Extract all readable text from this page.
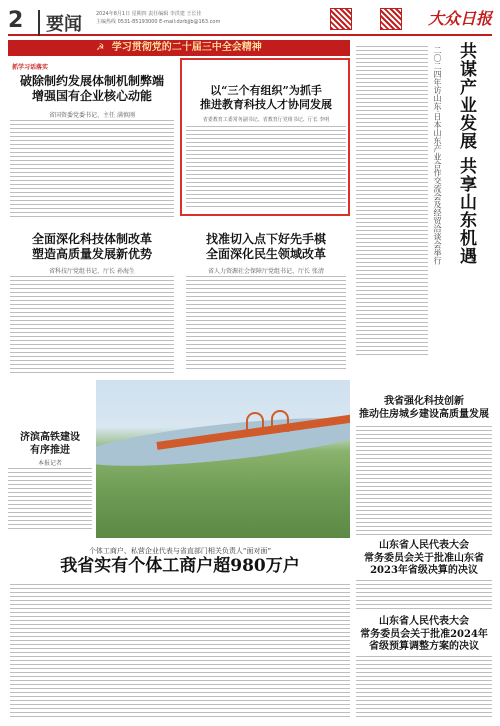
2	要闻	2024年8月1日 星期四 责任编辑 李洪建 王长佳
主编热线 0531-85193000 E-mail:dzrbjjb@163.com	大众日报
☭ 学习贯彻党的二十届三中全会精神
抓学习话落实
破除制约发展体制机制弊端
增强国有企业核心动能
省国资委党委书记、主任 满慎刚
全面深化科技体制改革
塑造高质量发展新优势
省科技厅党组书记、厅长 孙海生
以“三个有组织”为抓手
推进教育科技人才协同发展
省委教育工委常务副书记、省教育厅党组书记、厅长 李明
找准切入点下好先手棋
全面深化民生领域改革
省人力资源社会保障厅党组书记、厅长 张清
济滨高铁建设
有序推进
本报记者
个体工商户、私营企业代表与省直部门相关负责人“面对面”
我省实有个体工商户超980万户
共谋产业发展 共享山东机遇
二〇二四年访山东·日本山东产业合作交流会及经贸洽谈会举行
我省强化科技创新
推动住房城乡建设高质量发展
山东省人民代表大会
常务委员会关于批准山东省
2023年省级决算的决议
山东省人民代表大会
常务委员会关于批准2024年
省级预算调整方案的决议
